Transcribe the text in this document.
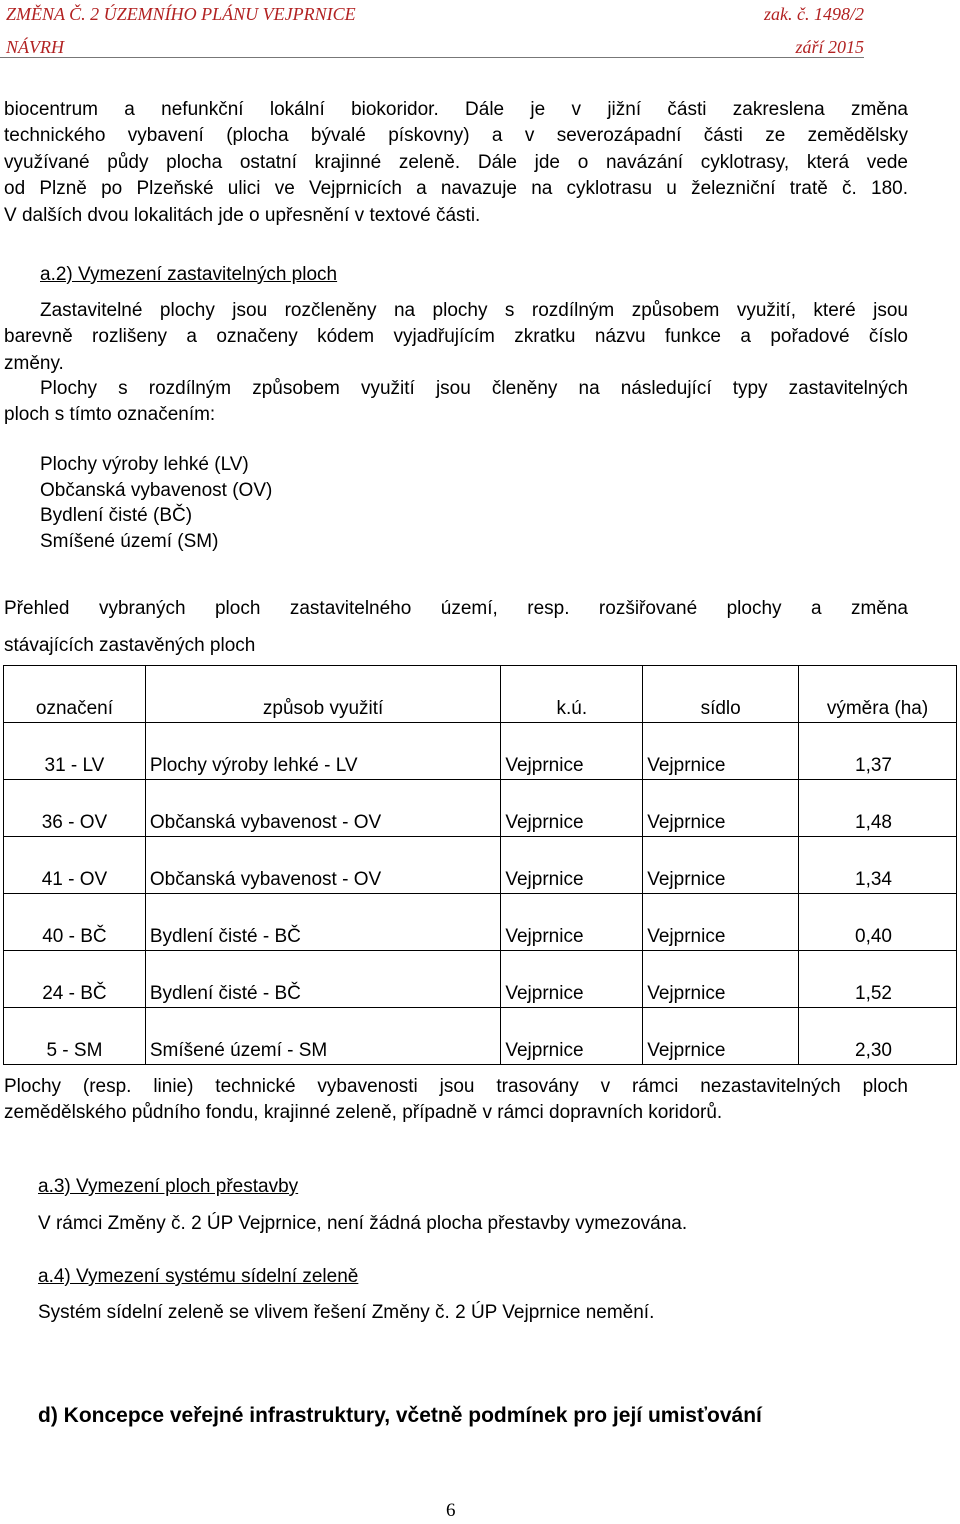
ZMĚNA Č. 2 ÚZEMNÍHO PLÁNU VEJPRNICE	zak. č. 1498/2
NÁVRH	září 2015
biocentrum a nefunkční lokální biokoridor. Dále je v jižní části zakreslena změna
technického vybavení (plocha bývalé pískovny) a v severozápadní části ze zemědělsky
využívané půdy plocha ostatní krajinné zeleně. Dále jde o navázání cyklotrasy, která vede
od Plzně po Plzeňské ulici ve Vejprnicích a navazuje na cyklotrasu u železniční tratě č. 180.
V dalších dvou lokalitách jde o upřesnění v textové části.
a.2) Vymezení zastavitelných ploch
Zastavitelné plochy jsou rozčleněny na plochy s rozdílným způsobem využití, které jsou
barevně rozlišeny a označeny kódem vyjadřujícím zkratku názvu funkce a pořadové číslo
změny.
Plochy s rozdílným způsobem využití jsou členěny na následující typy zastavitelných
ploch s tímto označením:
Plochy výroby lehké (LV)
Občanská vybavenost (OV)
Bydlení čisté (BČ)
Smíšené území (SM)
Přehled vybraných ploch zastavitelného území, resp. rozšiřované plochy a změna
stávajících zastavěných ploch
označení	způsob využití	k.ú.	sídlo	výměra (ha)
31 - LV	Plochy výroby lehké - LV	Vejprnice	Vejprnice	1,37
36 - OV	Občanská vybavenost - OV	Vejprnice	Vejprnice	1,48
41 - OV	Občanská vybavenost - OV	Vejprnice	Vejprnice	1,34
40 - BČ	Bydlení čisté - BČ	Vejprnice	Vejprnice	0,40
24 - BČ	Bydlení čisté - BČ	Vejprnice	Vejprnice	1,52
5 - SM	Smíšené území - SM	Vejprnice	Vejprnice	2,30
Plochy (resp. linie) technické vybavenosti jsou trasovány v rámci nezastavitelných ploch
zemědělského půdního fondu, krajinné zeleně, případně v rámci dopravních koridorů.
a.3) Vymezení ploch přestavby
V rámci Změny č. 2 ÚP Vejprnice, není žádná plocha přestavby vymezována.
a.4) Vymezení systému sídelní zeleně
Systém sídelní zeleně se vlivem řešení Změny č. 2 ÚP Vejprnice nemění.
d) Koncepce veřejné infrastruktury, včetně podmínek pro její umisťování
6
